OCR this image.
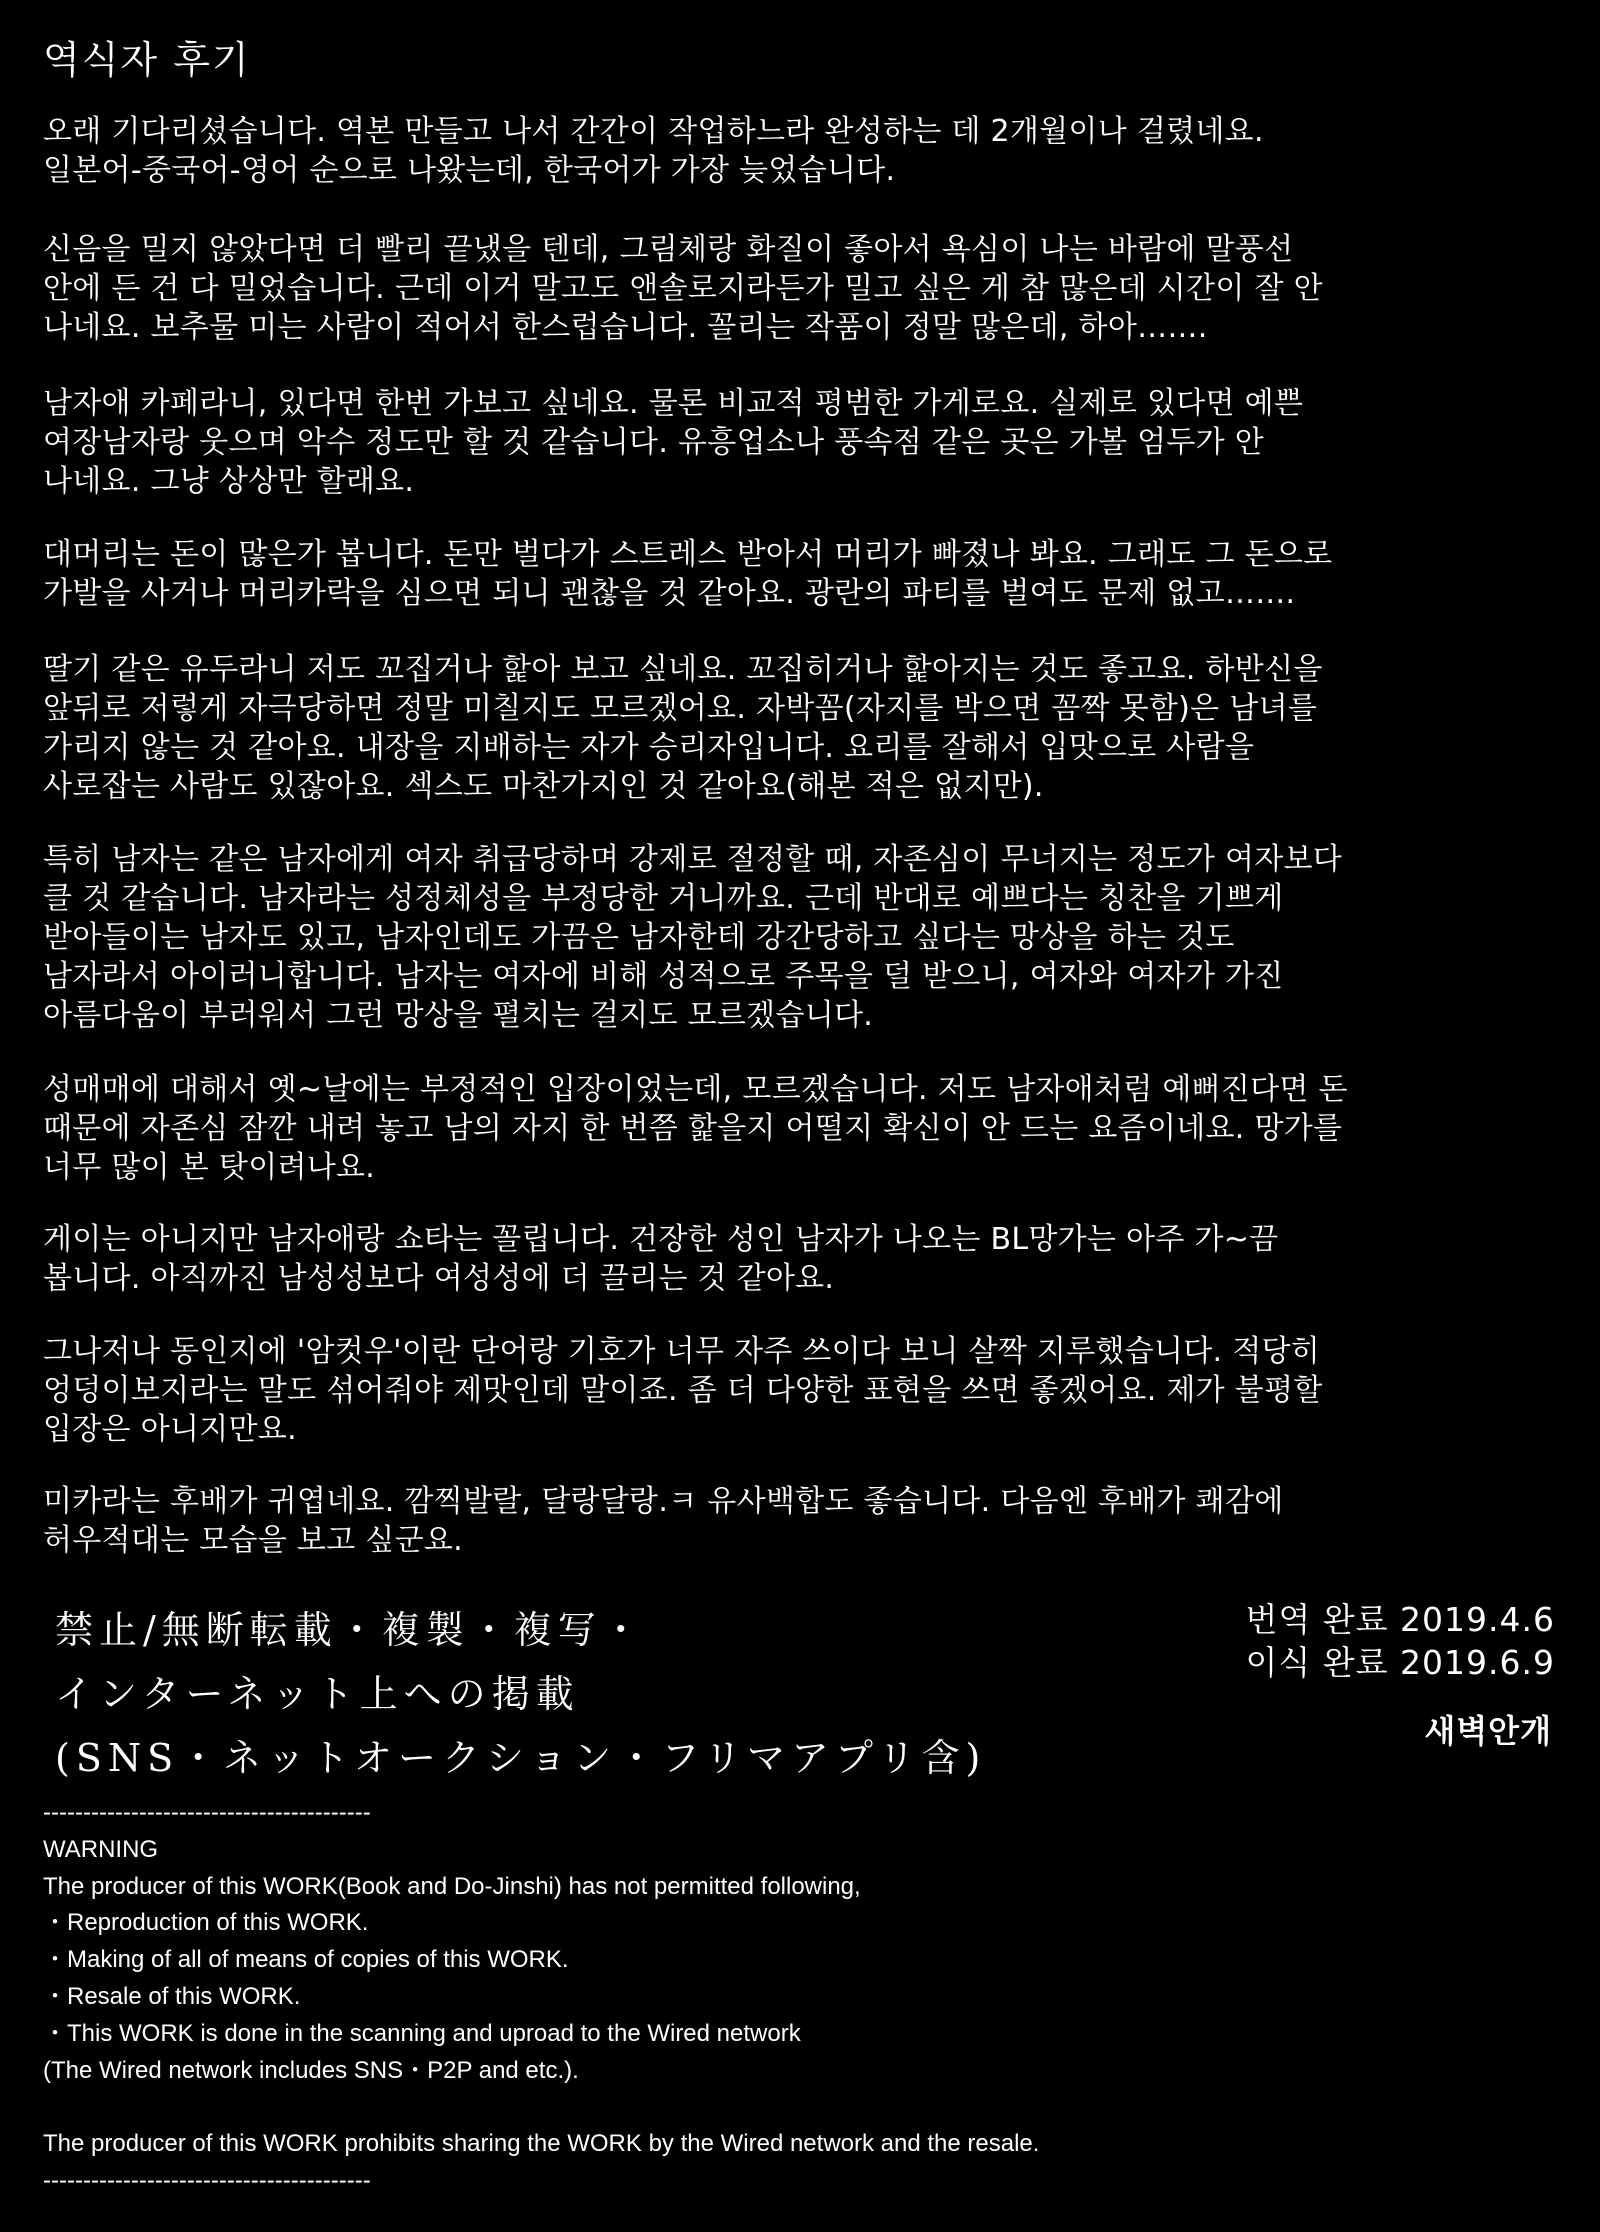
역식자 후기
오래 기다리셨습니다. 역본 만들고 나서 간간이 작업하느라 완성하는 데 2개월이나 걸렸네요.
일본어-중국어-영어 순으로 나왔는데, 한국어가 가장 늦었습니다.
신음을 밀지 않았다면 더 빨리 끝냈을 텐데, 그림체랑 화질이 좋아서 욕심이 나는 바람에 말풍선
안에 든 건 다 밀었습니다. 근데 이거 말고도 앤솔로지라든가 밀고 싶은 게 참 많은데 시간이 잘 안
나네요. 보추물 미는 사람이 적어서 한스럽습니다. 꼴리는 작품이 정말 많은데, 하아…….
남자애 카페라니, 있다면 한번 가보고 싶네요. 물론 비교적 평범한 가게로요. 실제로 있다면 예쁜
여장남자랑 웃으며 악수 정도만 할 것 같습니다. 유흥업소나 풍속점 같은 곳은 가볼 엄두가 안
나네요. 그냥 상상만 할래요.
대머리는 돈이 많은가 봅니다. 돈만 벌다가 스트레스 받아서 머리가 빠졌나 봐요. 그래도 그 돈으로
가발을 사거나 머리카락을 심으면 되니 괜찮을 것 같아요. 광란의 파티를 벌여도 문제 없고…….
딸기 같은 유두라니 저도 꼬집거나 핥아 보고 싶네요. 꼬집히거나 핥아지는 것도 좋고요. 하반신을
앞뒤로 저렇게 자극당하면 정말 미칠지도 모르겠어요. 자박꼼(자지를 박으면 꼼짝 못함)은 남녀를
가리지 않는 것 같아요. 내장을 지배하는 자가 승리자입니다. 요리를 잘해서 입맛으로 사람을
사로잡는 사람도 있잖아요. 섹스도 마찬가지인 것 같아요(해본 적은 없지만).
특히 남자는 같은 남자에게 여자 취급당하며 강제로 절정할 때, 자존심이 무너지는 정도가 여자보다
클 것 같습니다. 남자라는 성정체성을 부정당한 거니까요. 근데 반대로 예쁘다는 칭찬을 기쁘게
받아들이는 남자도 있고, 남자인데도 가끔은 남자한테 강간당하고 싶다는 망상을 하는 것도
남자라서 아이러니합니다. 남자는 여자에 비해 성적으로 주목을 덜 받으니, 여자와 여자가 가진
아름다움이 부러워서 그런 망상을 펼치는 걸지도 모르겠습니다.
성매매에 대해서 옛~날에는 부정적인 입장이었는데, 모르겠습니다. 저도 남자애처럼 예뻐진다면 돈
때문에 자존심 잠깐 내려 놓고 남의 자지 한 번쯤 핥을지 어떨지 확신이 안 드는 요즘이네요. 망가를
너무 많이 본 탓이려나요.
게이는 아니지만 남자애랑 쇼타는 꼴립니다. 건장한 성인 남자가 나오는 BL망가는 아주 가~끔
봅니다. 아직까진 남성성보다 여성성에 더 끌리는 것 같아요.
그나저나 동인지에 '암컷우'이란 단어랑 기호가 너무 자주 쓰이다 보니 살짝 지루했습니다. 적당히
엉덩이보지라는 말도 섞어줘야 제맛인데 말이죠. 좀 더 다양한 표현을 쓰면 좋겠어요. 제가 불평할
입장은 아니지만요.
미카라는 후배가 귀엽네요. 깜찍발랄, 달랑달랑.ㅋ 유사백합도 좋습니다. 다음엔 후배가 쾌감에
허우적대는 모습을 보고 싶군요.
禁止/無断転載・複製・複写・
インターネット上への掲載
(SNS・ネットオークション・フリマアプリ含)
번역 완료 2019.4.6
이식 완료 2019.6.9
새벽안개
-----------------------------------------
WARNING
The producer of this WORK(Book and Do-Jinshi) has not permitted following,
・Reproduction of this WORK.
・Making of all of means of copies of this WORK.
・Resale of this WORK.
・This WORK is done in the scanning and uproad to the Wired network
(The Wired network includes SNS・P2P and etc.).
The producer of this WORK prohibits sharing the WORK by the Wired network and the resale.
-----------------------------------------
